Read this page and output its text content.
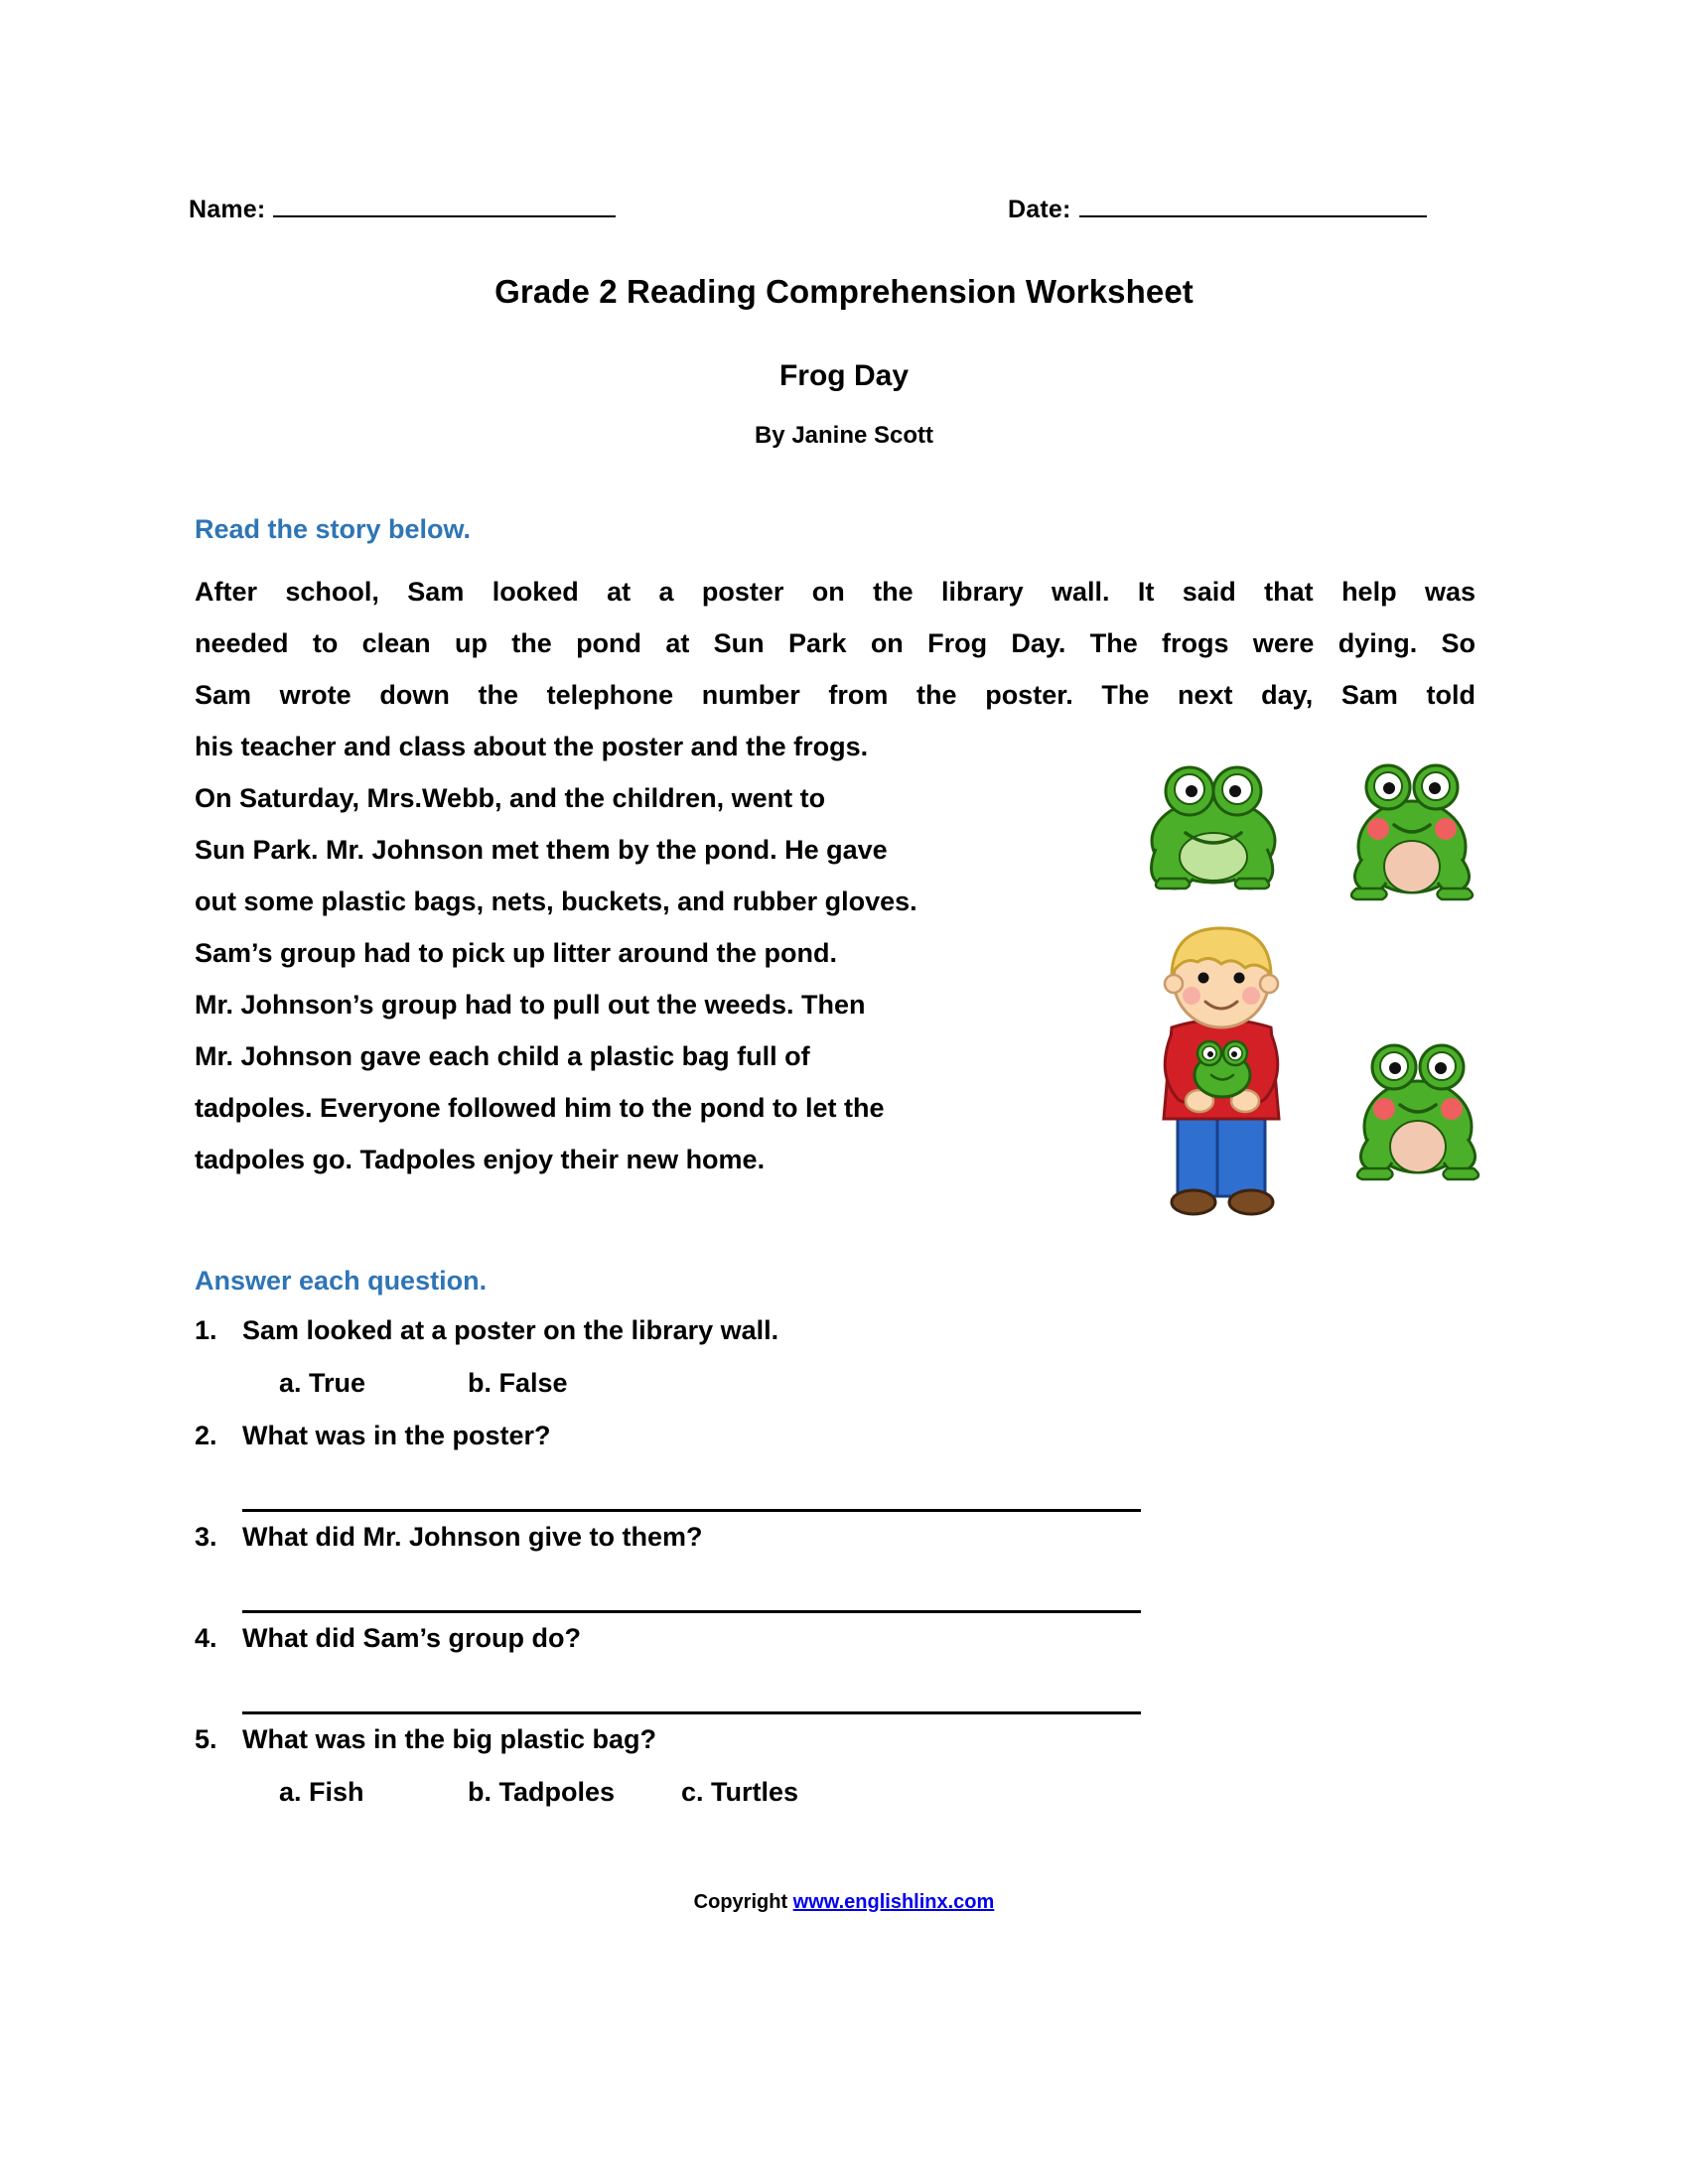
Name:	Date:
Grade 2 Reading Comprehension Worksheet
Frog Day
By Janine Scott
Read the story below.

After school, Sam looked at a poster on the library wall. It said that help was

needed to clean up the pond at Sun Park on Frog Day. The frogs were dying. So

Sam wrote down the telephone number from the poster. The next day, Sam told

his teacher and class about the poster and the frogs.

On Saturday, Mrs.Webb, and the children, went to

Sun Park. Mr. Johnson met them by the pond. He gave

out some plastic bags, nets, buckets, and rubber gloves.

Sam’s group had to pick up litter around the pond.

Mr. Johnson’s group had to pull out the weeds. Then

Mr. Johnson gave each child a plastic bag full of

tadpoles. Everyone followed him to the pond to let the

tadpoles go. Tadpoles enjoy their new home.

Answer each question.
1. Sam looked at a poster on the library wall.
a. True	b. False
2. What was in the poster?
3. What did Mr. Johnson give to them?
4. What did Sam’s group do?
5. What was in the big plastic bag?
a. Fish	b. Tadpoles	c. Turtles
Copyright www.englishlinx.com
